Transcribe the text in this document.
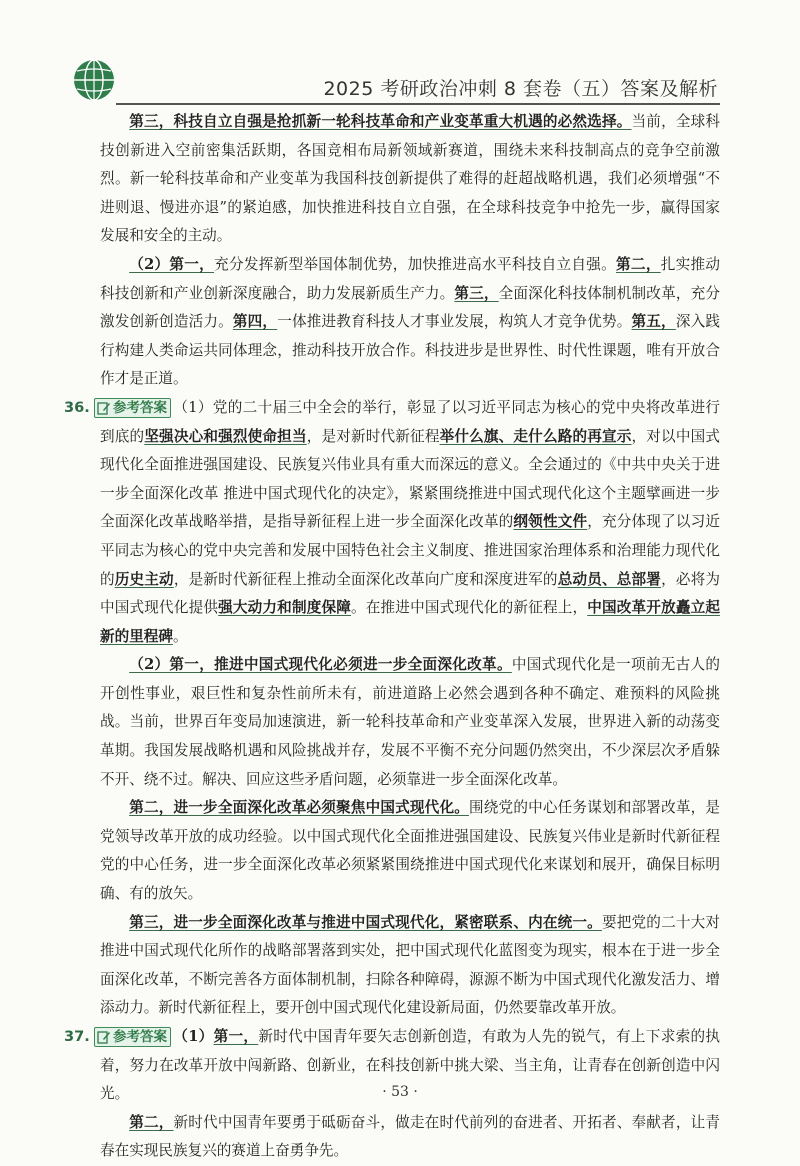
2025 考研政治冲刺 8 套卷（五）答案及解析

第三，科技自立自强是抢抓新一轮科技革命和产业变革重大机遇的必然选择。当前，全球科技创新进入空前密集活跃期，各国竞相布局新领域新赛道，围绕未来科技制高点的竞争空前激烈。新一轮科技革命和产业变革为我国科技创新提供了难得的赶超战略机遇，我们必须增强“不进则退、慢进亦退”的紧迫感，加快推进科技自立自强，在全球科技竞争中抢先一步，赢得国家发展和安全的主动。

（2）第一，充分发挥新型举国体制优势，加快推进高水平科技自立自强。第二，扎实推动科技创新和产业创新深度融合，助力发展新质生产力。第三，全面深化科技体制机制改革，充分激发创新创造活力。第四，一体推进教育科技人才事业发展，构筑人才竞争优势。第五，深入践行构建人类命运共同体理念，推动科技开放合作。科技进步是世界性、时代性课题，唯有开放合作才是正道。

36. 参考答案 （1）党的二十届三中全会的举行，彰显了以习近平同志为核心的党中央将改革进行到底的坚强决心和强烈使命担当，是对新时代新征程举什么旗、走什么路的再宣示，对以中国式现代化全面推进强国建设、民族复兴伟业具有重大而深远的意义。全会通过的《中共中央关于进一步全面深化改革 推进中国式现代化的决定》，紧紧围绕推进中国式现代化这个主题擘画进一步全面深化改革战略举措，是指导新征程上进一步全面深化改革的纲领性文件，充分体现了以习近平同志为核心的党中央完善和发展中国特色社会主义制度、推进国家治理体系和治理能力现代化的历史主动，是新时代新征程上推动全面深化改革向广度和深度进军的总动员、总部署，必将为中国式现代化提供强大动力和制度保障。在推进中国式现代化的新征程上，中国改革开放矗立起新的里程碑。

（2）第一，推进中国式现代化必须进一步全面深化改革。中国式现代化是一项前无古人的开创性事业，艰巨性和复杂性前所未有，前进道路上必然会遇到各种不确定、难预料的风险挑战。当前，世界百年变局加速演进，新一轮科技革命和产业变革深入发展，世界进入新的动荡变革期。我国发展战略机遇和风险挑战并存，发展不平衡不充分问题仍然突出，不少深层次矛盾躲不开、绕不过。解决、回应这些矛盾问题，必须靠进一步全面深化改革。

第二，进一步全面深化改革必须聚焦中国式现代化。围绕党的中心任务谋划和部署改革，是党领导改革开放的成功经验。以中国式现代化全面推进强国建设、民族复兴伟业是新时代新征程党的中心任务，进一步全面深化改革必须紧紧围绕推进中国式现代化来谋划和展开，确保目标明确、有的放矢。

第三，进一步全面深化改革与推进中国式现代化，紧密联系、内在统一。要把党的二十大对推进中国式现代化所作的战略部署落到实处，把中国式现代化蓝图变为现实，根本在于进一步全面深化改革，不断完善各方面体制机制，扫除各种障碍，源源不断为中国式现代化激发活力、增添动力。新时代新征程上，要开创中国式现代化建设新局面，仍然要靠改革开放。

37. 参考答案 （1）第一，新时代中国青年要矢志创新创造，有敢为人先的锐气，有上下求索的执着，努力在改革开放中闯新路、创新业，在科技创新中挑大梁、当主角，让青春在创新创造中闪光。

第二，新时代中国青年要勇于砥砺奋斗，做走在时代前列的奋进者、开拓者、奉献者，让青春在实现民族复兴的赛道上奋勇争先。

· 53 ·
